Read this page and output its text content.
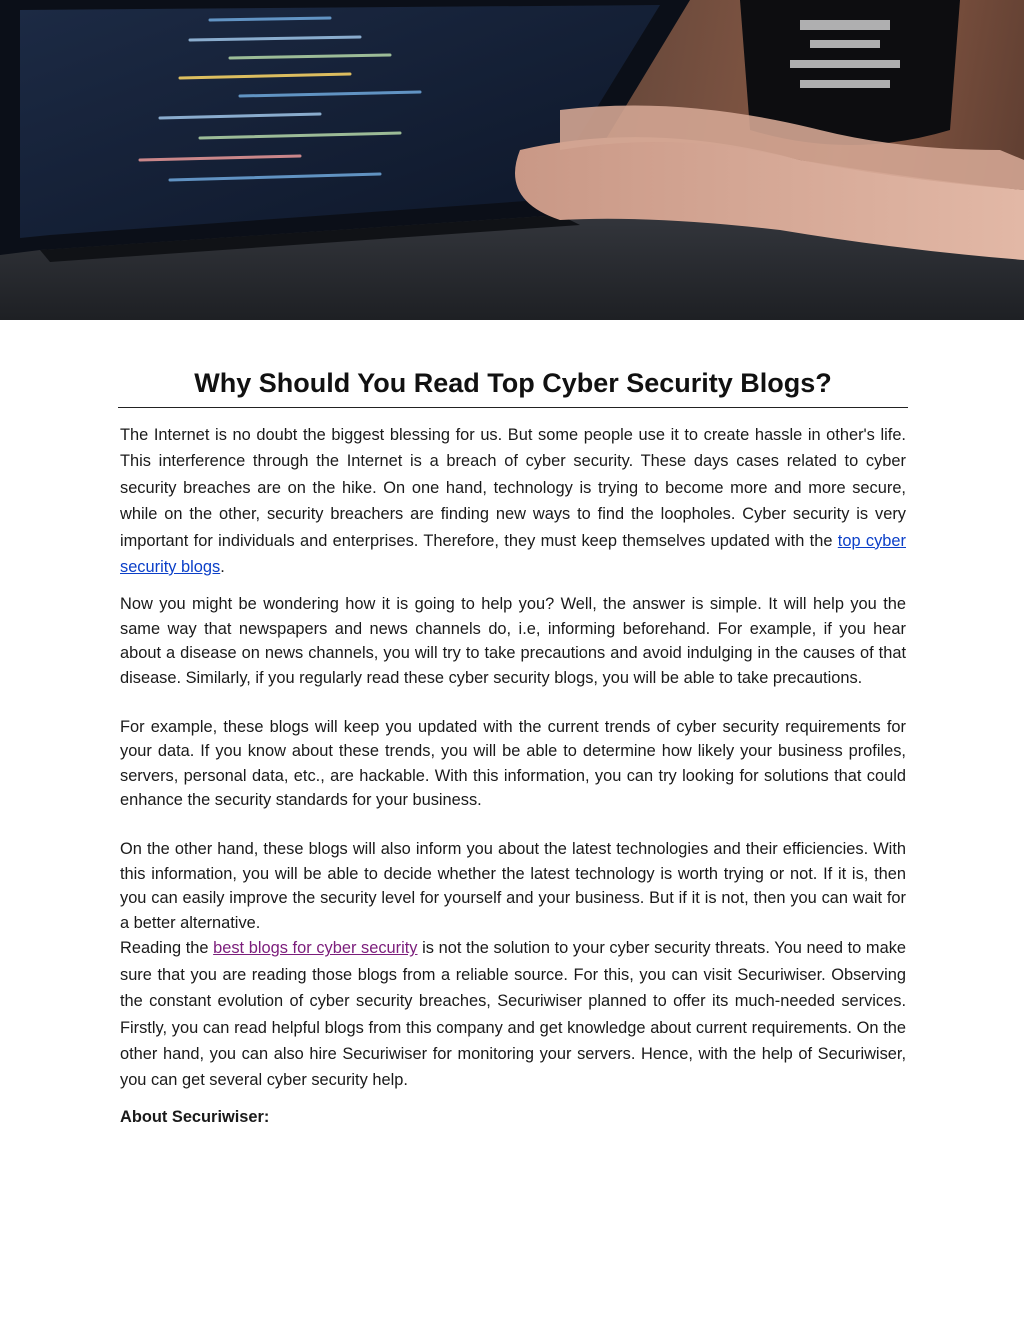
Why Should You Read Top Cyber Security Blogs?

The Internet is no doubt the biggest blessing for us. But some people use it to create hassle in other's life. This interference through the Internet is a breach of cyber security. These days cases related to cyber security breaches are on the hike. On one hand, technology is trying to become more and more secure, while on the other, security breachers are finding new ways to find the loopholes. Cyber security is very important for individuals and enterprises. Therefore, they must keep themselves updated with the top cyber security blogs.

Now you might be wondering how it is going to help you? Well, the answer is simple. It will help you the same way that newspapers and news channels do, i.e, informing beforehand. For example, if you hear about a disease on news channels, you will try to take precautions and avoid indulging in the causes of that disease. Similarly, if you regularly read these cyber security blogs, you will be able to take precautions.

For example, these blogs will keep you updated with the current trends of cyber security requirements for your data. If you know about these trends, you will be able to determine how likely your business profiles, servers, personal data, etc., are hackable. With this information, you can try looking for solutions that could enhance the security standards for your business.

On the other hand, these blogs will also inform you about the latest technologies and their efficiencies. With this information, you will be able to decide whether the latest technology is worth trying or not. If it is, then you can easily improve the security level for yourself and your business. But if it is not, then you can wait for a better alternative.

Reading the best blogs for cyber security is not the solution to your cyber security threats. You need to make sure that you are reading those blogs from a reliable source. For this, you can visit Securiwiser. Observing the constant evolution of cyber security breaches, Securiwiser planned to offer its much-needed services. Firstly, you can read helpful blogs from this company and get knowledge about current requirements. On the other hand, you can also hire Securiwiser for monitoring your servers. Hence, with the help of Securiwiser, you can get several cyber security help.

About Securiwiser:
